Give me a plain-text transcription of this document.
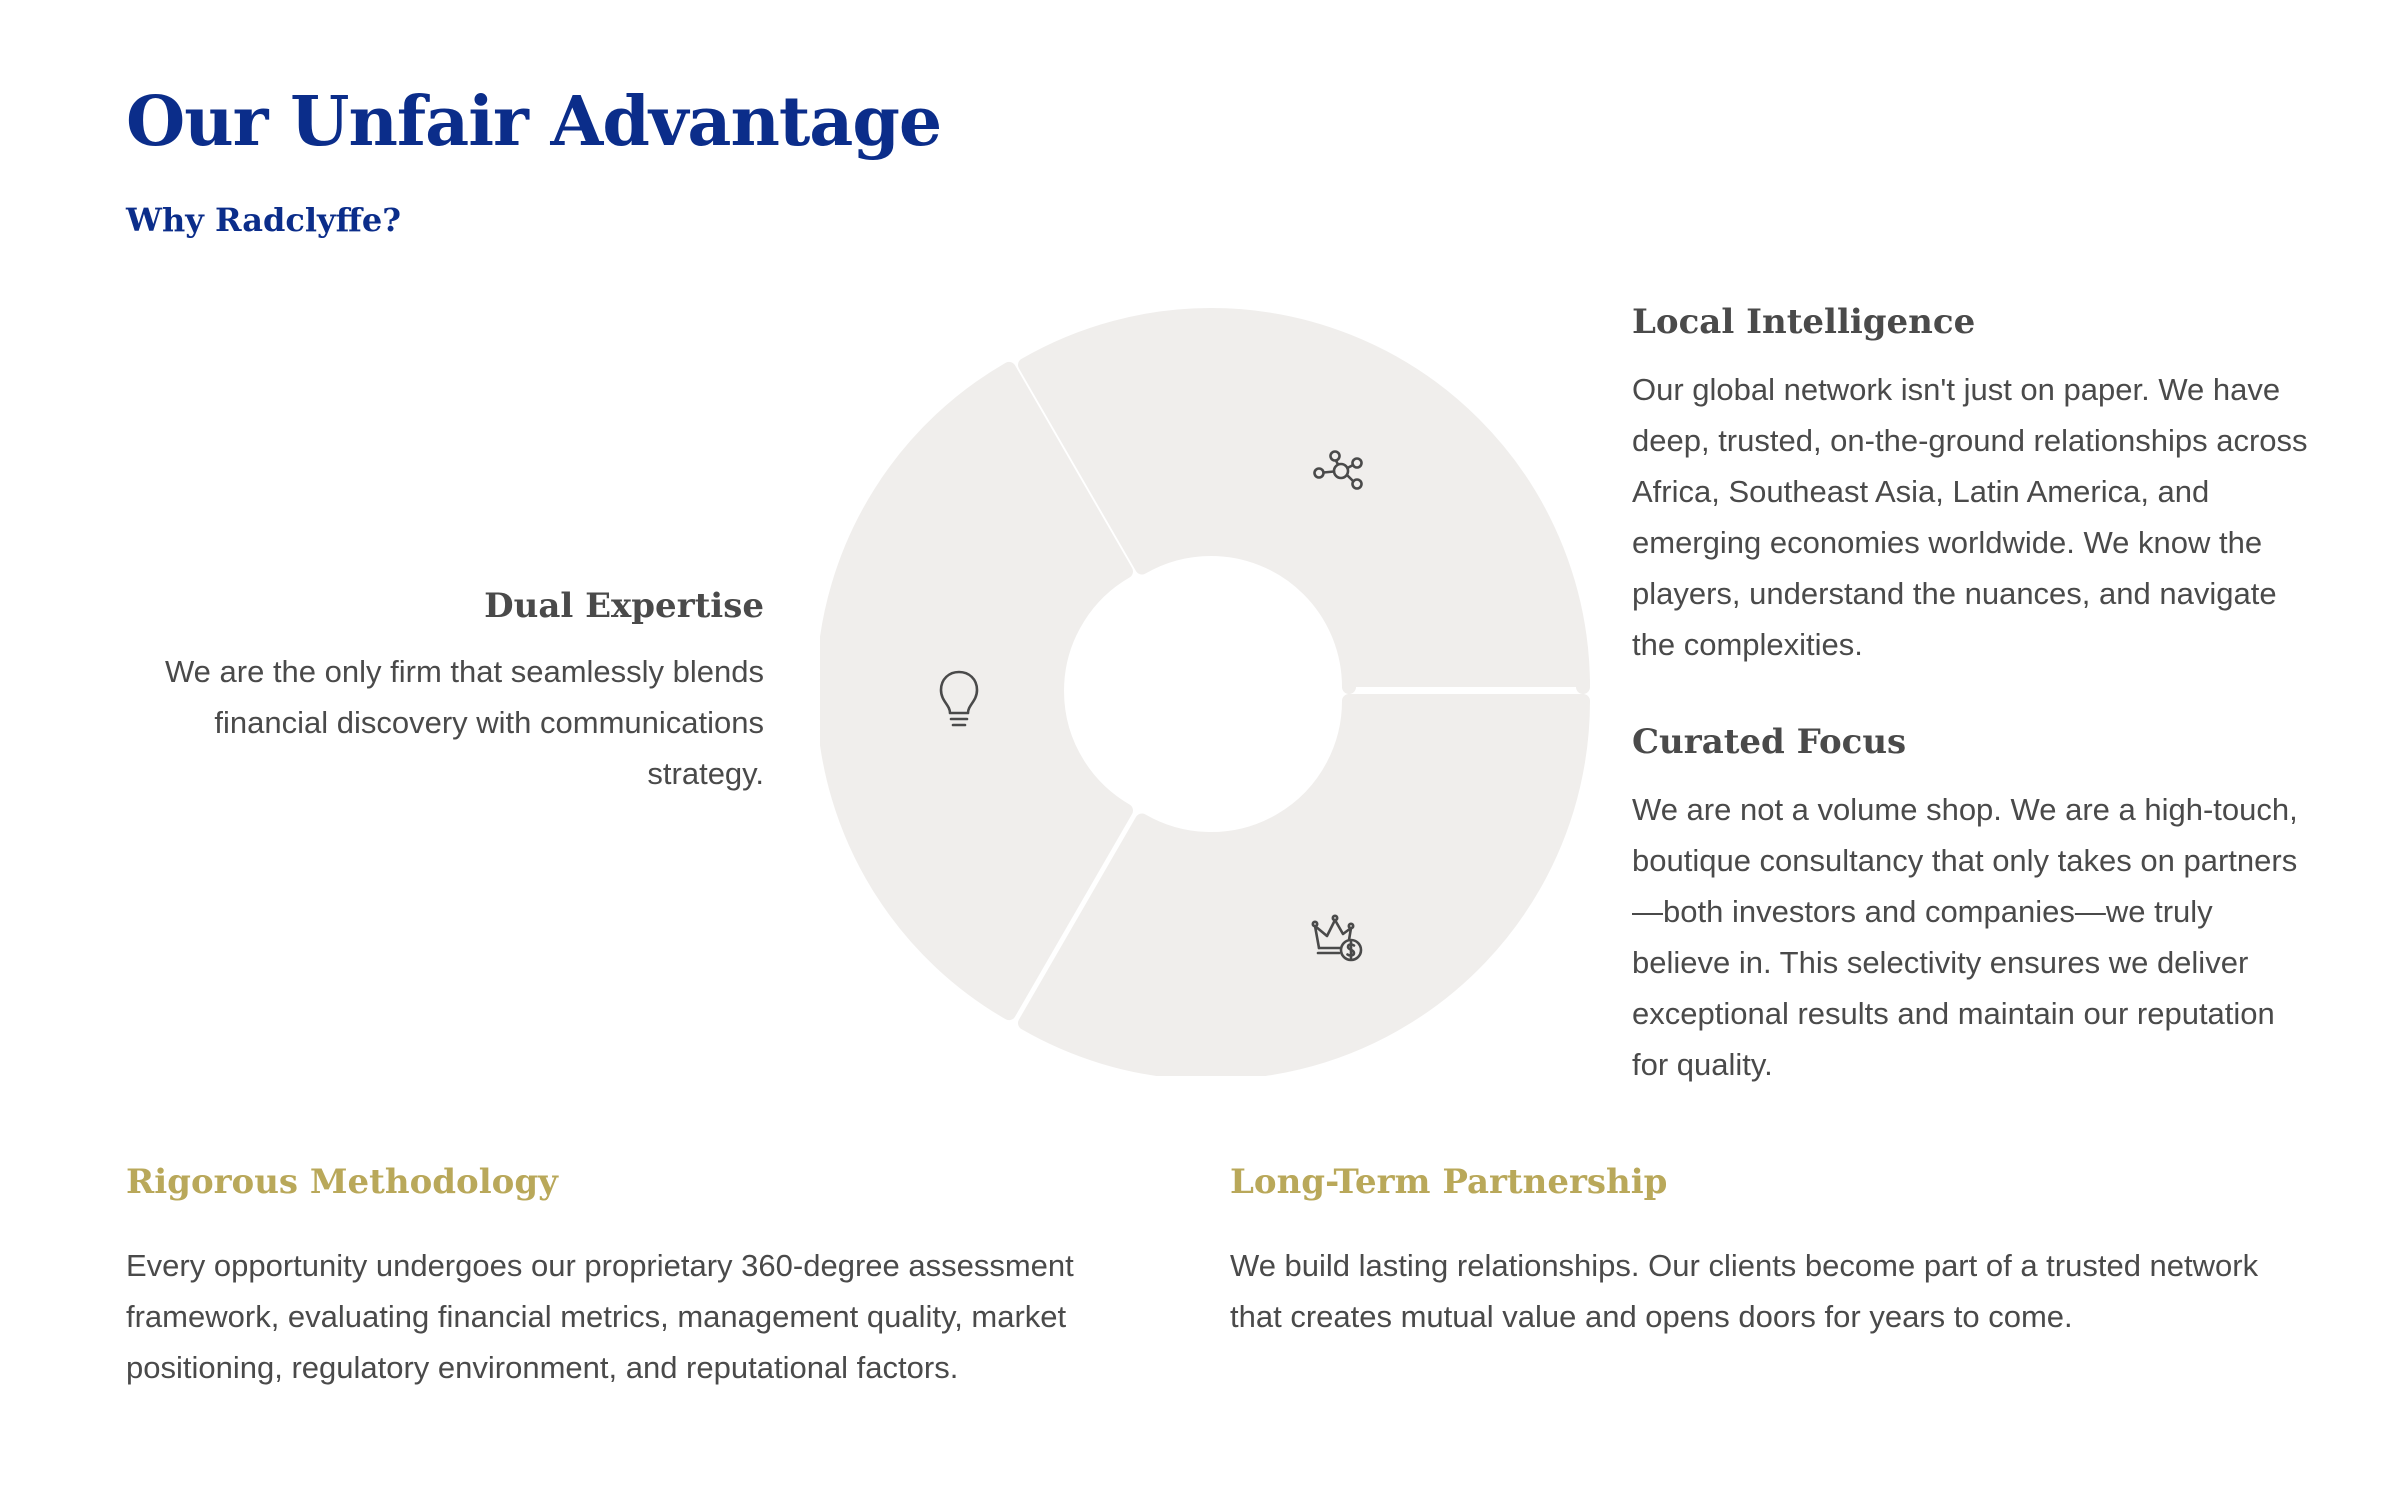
Our Unfair Advantage
Why Radclyffe?
Dual Expertise

We are the only firm that seamlessly blends financial discovery with communications strategy.

Local Intelligence

Our global network isn't just on paper. We have deep, trusted, on-the-ground relationships across Africa, Southeast Asia, Latin America, and emerging economies worldwide. We know the players, understand the nuances, and navigate the complexities.

Curated Focus

We are not a volume shop. We are a high-touch, boutique consultancy that only takes on partners—both investors and companies—we truly believe in. This selectivity ensures we deliver exceptional results and maintain our reputation for quality.

Rigorous Methodology

Every opportunity undergoes our proprietary 360-degree assessment framework, evaluating financial metrics, management quality, market positioning, regulatory environment, and reputational factors.

Long-Term Partnership

We build lasting relationships. Our clients become part of a trusted network that creates mutual value and opens doors for years to come.
